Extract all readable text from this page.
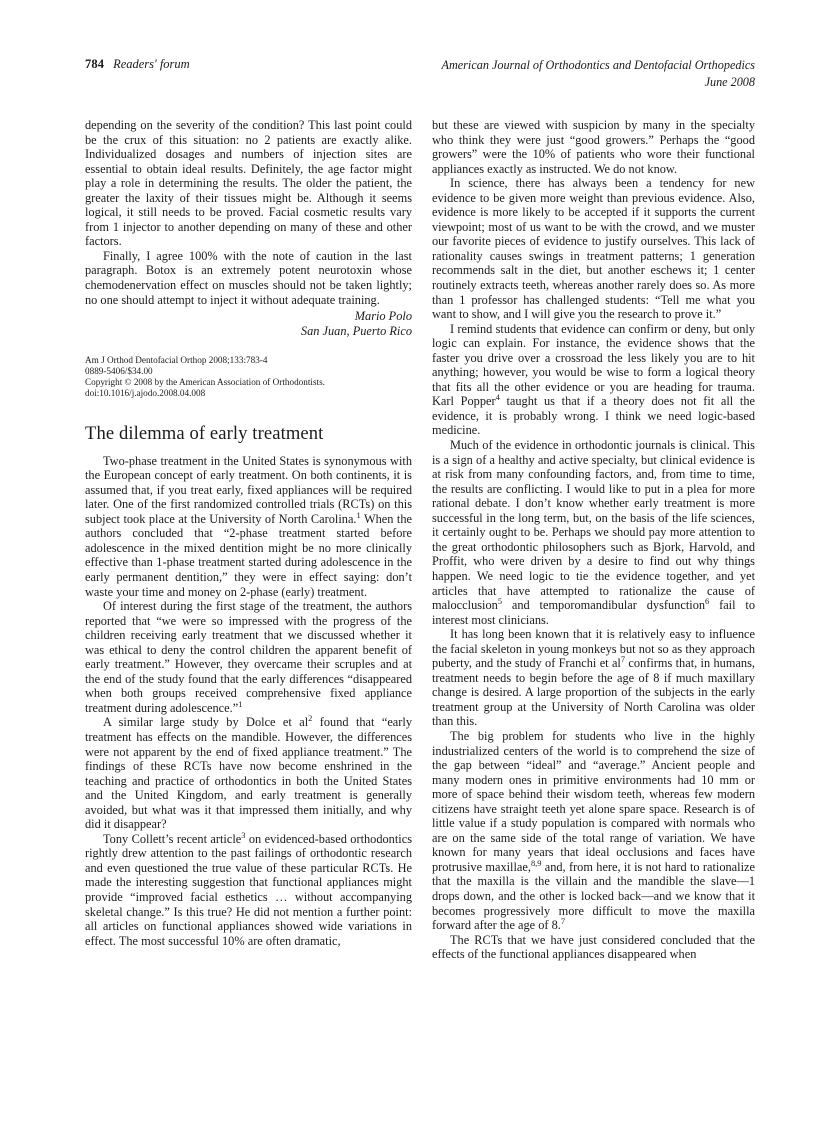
784 Readers' forum	American Journal of Orthodontics and Dentofacial Orthopedics
June 2008

depending on the severity of the condition? This last point could be the crux of this situation: no 2 patients are exactly alike. Individualized dosages and numbers of injection sites are essential to obtain ideal results. Definitely, the age factor might play a role in determining the results. The older the patient, the greater the laxity of their tissues might be. Although it seems logical, it still needs to be proved. Facial cosmetic results vary from 1 injector to another depending on many of these and other factors.

Finally, I agree 100% with the note of caution in the last paragraph. Botox is an extremely potent neurotoxin whose chemodenervation effect on muscles should not be taken lightly; no one should attempt to inject it without adequate training.

Mario Polo
San Juan, Puerto Rico
Am J Orthod Dentofacial Orthop 2008;133:783-4
0889-5406/$34.00
Copyright © 2008 by the American Association of Orthodontists.
doi:10.1016/j.ajodo.2008.04.008
The dilemma of early treatment

Two-phase treatment in the United States is synonymous with the European concept of early treatment. On both continents, it is assumed that, if you treat early, fixed appliances will be required later. One of the first randomized controlled trials (RCTs) on this subject took place at the University of North Carolina.$^1$ When the authors concluded that “2-phase treatment started before adolescence in the mixed dentition might be no more clinically effective than 1-phase treatment started during adolescence in the early permanent dentition,” they were in effect saying: don’t waste your time and money on 2-phase (early) treatment.

Of interest during the first stage of the treatment, the authors reported that “we were so impressed with the progress of the children receiving early treatment that we discussed whether it was ethical to deny the control children the apparent benefit of early treatment.” However, they overcame their scruples and at the end of the study found that the early differences “disappeared when both groups received comprehensive fixed appliance treatment during adolescence.”$^1$

A similar large study by Dolce et $al^2$ found that “early treatment has effects on the mandible. However, the differences were not apparent by the end of fixed appliance treatment.” The findings of these RCTs have now become enshrined in the teaching and practice of orthodontics in both the United States and the United Kingdom, and early treatment is generally avoided, but what was it that impressed them initially, and why did it disappear?

Tony Collett’s recent article$^3$ on evidenced-based orthodontics rightly drew attention to the past failings of orthodontic research and even questioned the true value of these particular RCTs. He made the interesting suggestion that functional appliances might provide “improved facial esthetics … without accompanying skeletal change.” Is this true? He did not mention a further point: all articles on functional appliances showed wide variations in effect. The most successful 10% are often dramatic,

but these are viewed with suspicion by many in the specialty who think they were just “good growers.” Perhaps the “good growers” were the 10% of patients who wore their functional appliances exactly as instructed. We do not know.

In science, there has always been a tendency for new evidence to be given more weight than previous evidence. Also, evidence is more likely to be accepted if it supports the current viewpoint; most of us want to be with the crowd, and we muster our favorite pieces of evidence to justify ourselves. This lack of rationality causes swings in treatment patterns; 1 generation recommends salt in the diet, but another eschews it; 1 center routinely extracts teeth, whereas another rarely does so. As more than 1 professor has challenged students: “Tell me what you want to show, and I will give you the research to prove it.”

I remind students that evidence can confirm or deny, but only logic can explain. For instance, the evidence shows that the faster you drive over a crossroad the less likely you are to hit anything; however, you would be wise to form a logical theory that fits all the other evidence or you are heading for trauma. Karl Popper$^4$ taught us that if a theory does not fit all the evidence, it is probably wrong. I think we need logic-based medicine.

Much of the evidence in orthodontic journals is clinical. This is a sign of a healthy and active specialty, but clinical evidence is at risk from many confounding factors, and, from time to time, the results are conflicting. I would like to put in a plea for more rational debate. I don’t know whether early treatment is more successful in the long term, but, on the basis of the life sciences, it certainly ought to be. Perhaps we should pay more attention to the great orthodontic philosophers such as Bjork, Harvold, and Proffit, who were driven by a desire to find out why things happen. We need logic to tie the evidence together, and yet articles that have attempted to rationalize the cause of malocclusion$^5$ and temporomandibular dysfunction$^6$ fail to interest most clinicians.

It has long been known that it is relatively easy to influence the facial skeleton in young monkeys but not so as they approach puberty, and the study of Franchi et $al^7$ confirms that, in humans, treatment needs to begin before the age of 8 if much maxillary change is desired. A large proportion of the subjects in the early treatment group at the University of North Carolina was older than this.

The big problem for students who live in the highly industrialized centers of the world is to comprehend the size of the gap between “ideal” and “average.” Ancient people and many modern ones in primitive environments had 10 mm or more of space behind their wisdom teeth, whereas few modern citizens have straight teeth yet alone spare space. Research is of little value if a study population is compared with normals who are on the same side of the total range of variation. We have known for many years that ideal occlusions and faces have protrusive maxillae,$^{8,9}$ and, from here, it is not hard to rationalize that the maxilla is the villain and the mandible the slave—1 drops down, and the other is locked back—and we know that it becomes progressively more difficult to move the maxilla forward after the age of 8.$^7$

The RCTs that we have just considered concluded that the effects of the functional appliances disappeared when
